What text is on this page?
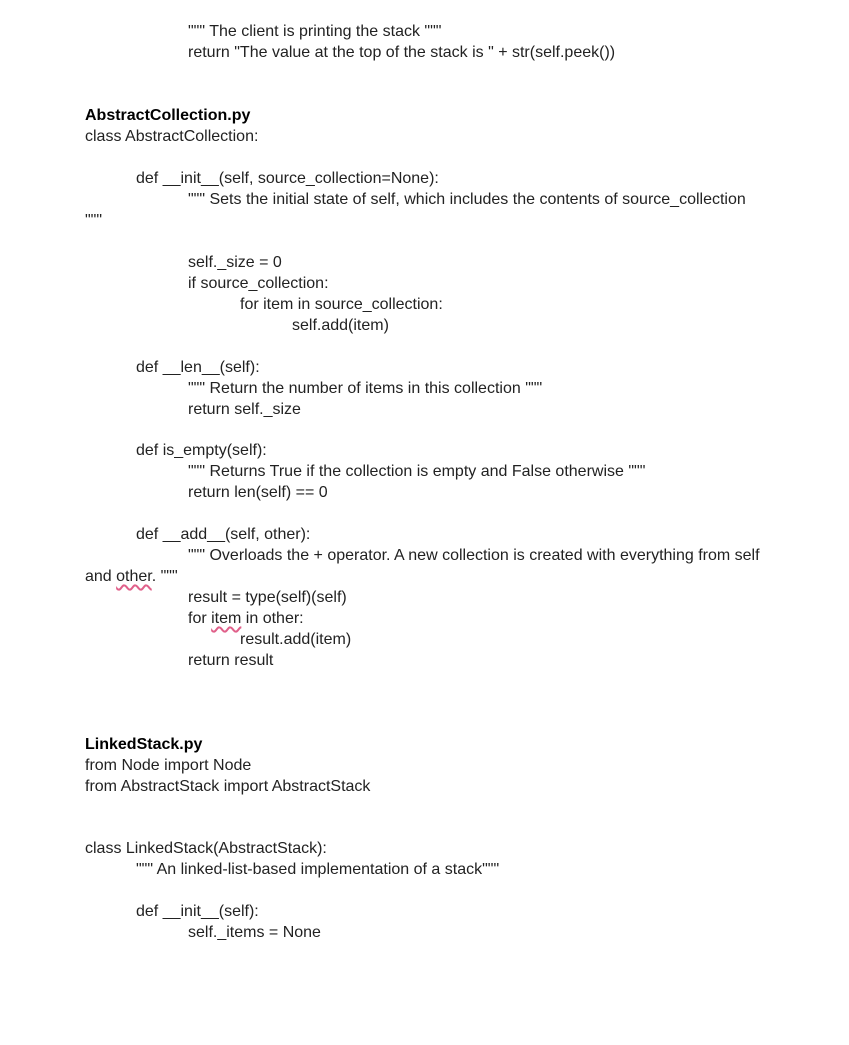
""" The client is printing the stack """
return "The value at the top of the stack is " + str(self.peek())
AbstractCollection.py
class AbstractCollection:
def __init__(self, source_collection=None):
""" Sets the initial state of self, which includes the contents of source_collection
"""
self._size = 0
if source_collection:
for item in source_collection:
self.add(item)
def __len__(self):
""" Return the number of items in this collection """
return self._size
def is_empty(self):
""" Returns True if the collection is empty and False otherwise """
return len(self) == 0
def __add__(self, other):
""" Overloads the + operator. A new collection is created with everything from self
and other. """
result = type(self)(self)
for item in other:
result.add(item)
return result
LinkedStack.py
from Node import Node
from AbstractStack import AbstractStack
class LinkedStack(AbstractStack):
""" An linked-list-based implementation of a stack"""
def __init__(self):
self._items = None
